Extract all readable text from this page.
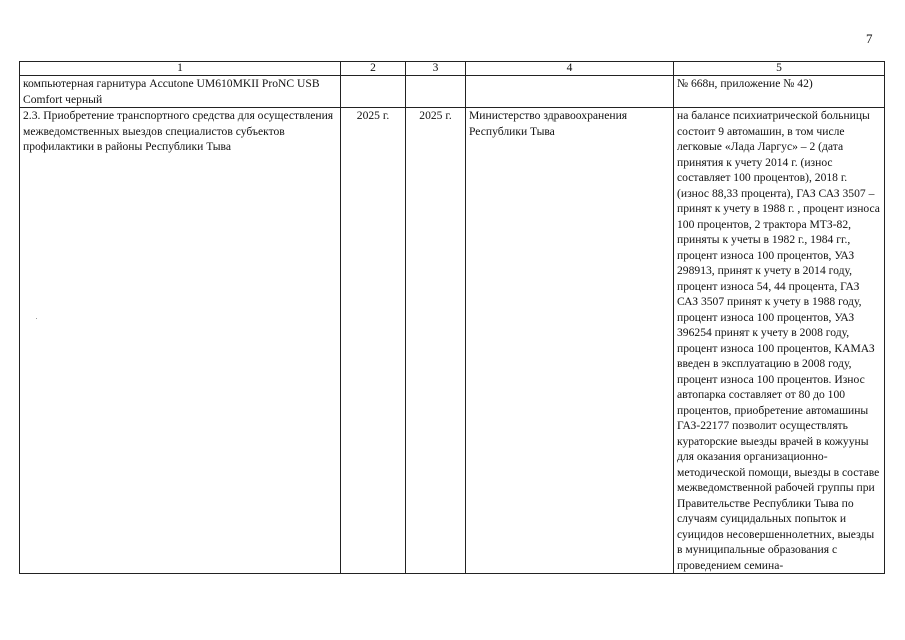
7
1	2	3	4	5
компьютерная гарнитура Accutone UM610MKII ProNC USB Comfort черный				№ 668н, приложение № 42)
2.3. Приобретение транспортного средства для осуществления межведомственных выездов специалистов субъектов профилактики в районы Республики Тыва	2025 г.	2025 г.	Министерство здравоохранения Республики Тыва	на балансе психиатрической больницы состоит 9 автомашин, в том числе легковые «Лада Ларгус» – 2 (дата принятия к учету 2014 г. (износ составляет 100 процентов), 2018 г. (износ 88,33 процента), ГАЗ САЗ 3507 – принят к учету в 1988 г. , процент износа 100 процентов, 2 трактора МТЗ-82, приняты к учеты в 1982 г., 1984 гг., процент износа 100 процентов, УАЗ 298913, принят к учету в 2014 году, процент износа 54, 44 процента, ГАЗ САЗ 3507 принят к учету в 1988 году, процент износа 100 процентов, УАЗ 396254 принят к учету в 2008 году, процент износа 100 процентов, КАМАЗ введен в эксплуатацию в 2008 году, процент износа 100 процентов. Износ автопарка составляет от 80 до 100 процентов, приобретение автомашины ГАЗ-22177 позволит осуществлять кураторские выезды врачей в кожууны для оказания организационно-методической помощи, выезды в составе межведомственной рабочей группы при Правительстве Республики Тыва по случаям суицидальных попыток и суицидов несовершеннолетних, выезды в муниципальные образования с проведением семина-
